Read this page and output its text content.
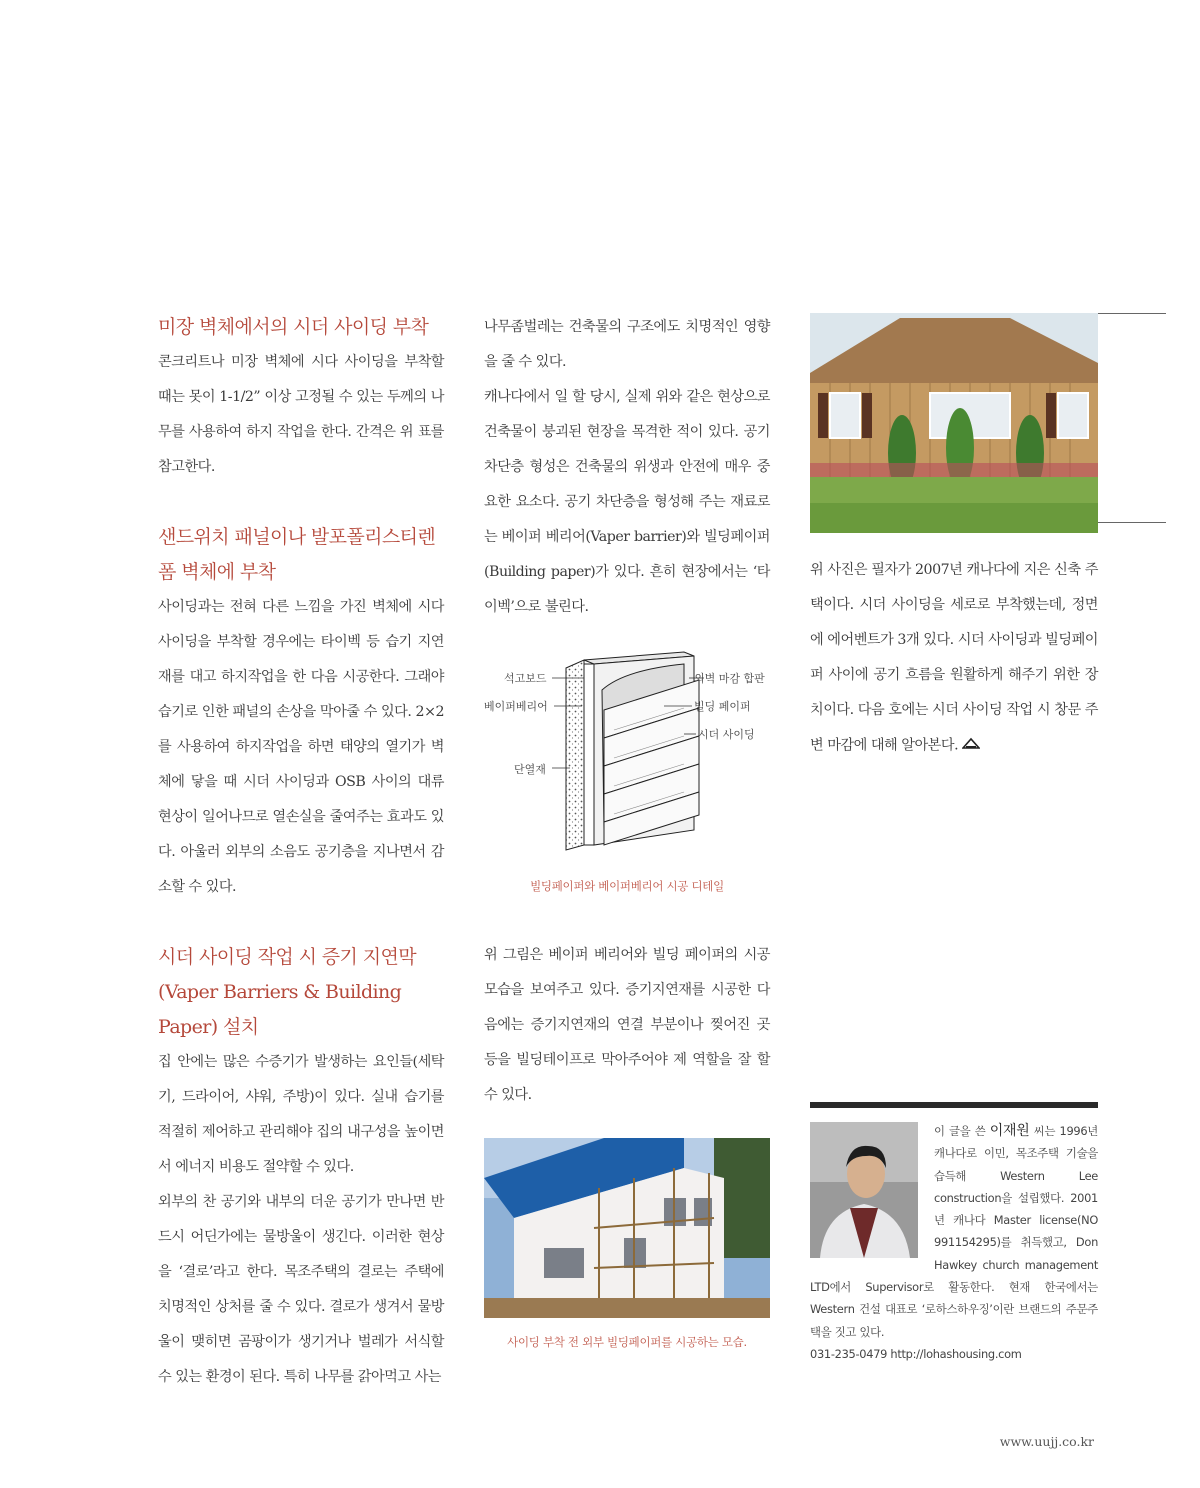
미장 벽체에서의 시더 사이딩 부착

콘크리트나 미장 벽체에 시다 사이딩을 부착할 때는 못이 1-1/2” 이상 고정될 수 있는 두께의 나무를 사용하여 하지 작업을 한다. 간격은 위 표를 참고한다.

샌드위치 패널이나 발포폴리스티렌폼 벽체에 부착

사이딩과는 전혀 다른 느낌을 가진 벽체에 시다 사이딩을 부착할 경우에는 타이벡 등 습기 지연재를 대고 하지작업을 한 다음 시공한다. 그래야 습기로 인한 패널의 손상을 막아줄 수 있다. 2×2를 사용하여 하지작업을 하면 태양의 열기가 벽체에 닿을 때 시더 사이딩과 OSB 사이의 대류 현상이 일어나므로 열손실을 줄여주는 효과도 있다. 아울러 외부의 소음도 공기층을 지나면서 감소할 수 있다.

시더 사이딩 작업 시 증기 지연막 (Vaper Barriers & Building Paper) 설치

집 안에는 많은 수증기가 발생하는 요인들(세탁기, 드라이어, 샤워, 주방)이 있다. 실내 습기를 적절히 제어하고 관리해야 집의 내구성을 높이면서 에너지 비용도 절약할 수 있다.

외부의 찬 공기와 내부의 더운 공기가 만나면 반드시 어딘가에는 물방울이 생긴다. 이러한 현상을 ‘결로’라고 한다. 목조주택의 결로는 주택에 치명적인 상처를 줄 수 있다. 결로가 생겨서 물방울이 맺히면 곰팡이가 생기거나 벌레가 서식할 수 있는 환경이 된다. 특히 나무를 갉아먹고 사는

나무좀벌레는 건축물의 구조에도 치명적인 영향을 줄 수 있다.

캐나다에서 일 할 당시, 실제 위와 같은 현상으로 건축물이 붕괴된 현장을 목격한 적이 있다. 공기 차단층 형성은 건축물의 위생과 안전에 매우 중요한 요소다. 공기 차단층을 형성해 주는 재료로는 베이퍼 베리어(Vaper barrier)와 빌딩페이퍼(Building paper)가 있다. 흔히 현장에서는 ‘타이벡’으로 불린다.

석고보드
베이퍼베리어
단열재
외벽 마감 합판
빌딩 페이퍼
시더 사이딩
빌딩페이퍼와 베이퍼베리어 시공 디테일

위 그림은 베이퍼 베리어와 빌딩 페이퍼의 시공 모습을 보여주고 있다. 증기지연재를 시공한 다음에는 증기지연재의 연결 부분이나 찢어진 곳 등을 빌딩테이프로 막아주어야 제 역할을 잘 할 수 있다.

사이딩 부착 전 외부 빌딩페이퍼를 시공하는 모습.

위 사진은 필자가 2007년 캐나다에 지은 신축 주택이다. 시더 사이딩을 세로로 부착했는데, 정면에 에어벤트가 3개 있다. 시더 사이딩과 빌딩페이퍼 사이에 공기 흐름을 원활하게 해주기 위한 장치이다. 다음 호에는 시더 사이딩 작업 시 창문 주변 마감에 대해 알아본다.

이 글을 쓴 이재원 씨는 1996년 캐나다로 이민, 목조주택 기술을 습득해 Western Lee construction을 설립했다. 2001년 캐나다 Master license(NO 991154295)를 취득했고, Don Hawkey church management LTD에서 Supervisor로 활동한다. 현재 한국에서는 Western 건설 대표로 ‘로하스하우징’이란 브랜드의 주문주택을 짓고 있다.

031-235-0479 http://lohashousing.com

www.uujj.co.kr
